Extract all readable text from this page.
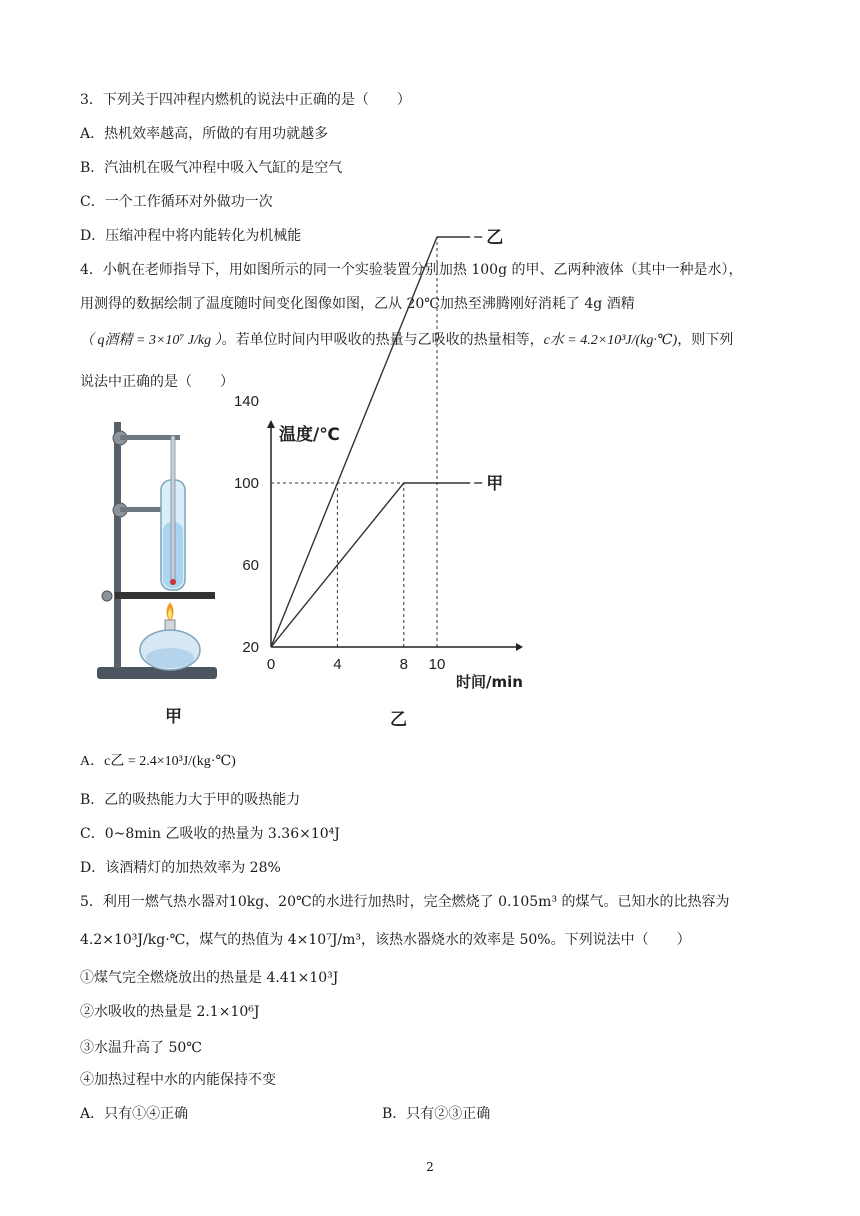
3．下列关于四冲程内燃机的说法中正确的是（　　）
A．热机效率越高，所做的有用功就越多
B．汽油机在吸气冲程中吸入气缸的是空气
C．一个工作循环对外做功一次
D．压缩冲程中将内能转化为机械能
4．小帆在老师指导下，用如图所示的同一个实验装置分别加热 100g 的甲、乙两种液体（其中一种是水），
用测得的数据绘制了温度随时间变化图像如图，乙从 20℃加热至沸腾刚好消耗了 4g 酒精
（ q酒精 = 3×10⁷ J/kg ）。若单位时间内甲吸收的热量与乙吸收的热量相等，c水 = 4.2×10³J/(kg·℃)，则下列
说法中正确的是（　　）
温度/℃
时间/min
20
60
100
140
0	4	8 10
乙
甲
甲	乙
A．c乙 = 2.4×10³J/(kg·℃)
B．乙的吸热能力大于甲的吸热能力
C．0~8min 乙吸收的热量为 3.36×10⁴J
D．该酒精灯的加热效率为 28%
5．利用一燃气热水器对10kg、20℃的水进行加热时，完全燃烧了 0.105m³ 的煤气。已知水的比热容为
4.2×10³J/kg·℃，煤气的热值为 4×10⁷J/m³，该热水器烧水的效率是 50%。下列说法中（　　）
①煤气完全燃烧放出的热量是 4.41×10³J
②水吸收的热量是 2.1×10⁶J
③水温升高了 50℃
④加热过程中水的内能保持不变
A．只有①④正确	B．只有②③正确
2
